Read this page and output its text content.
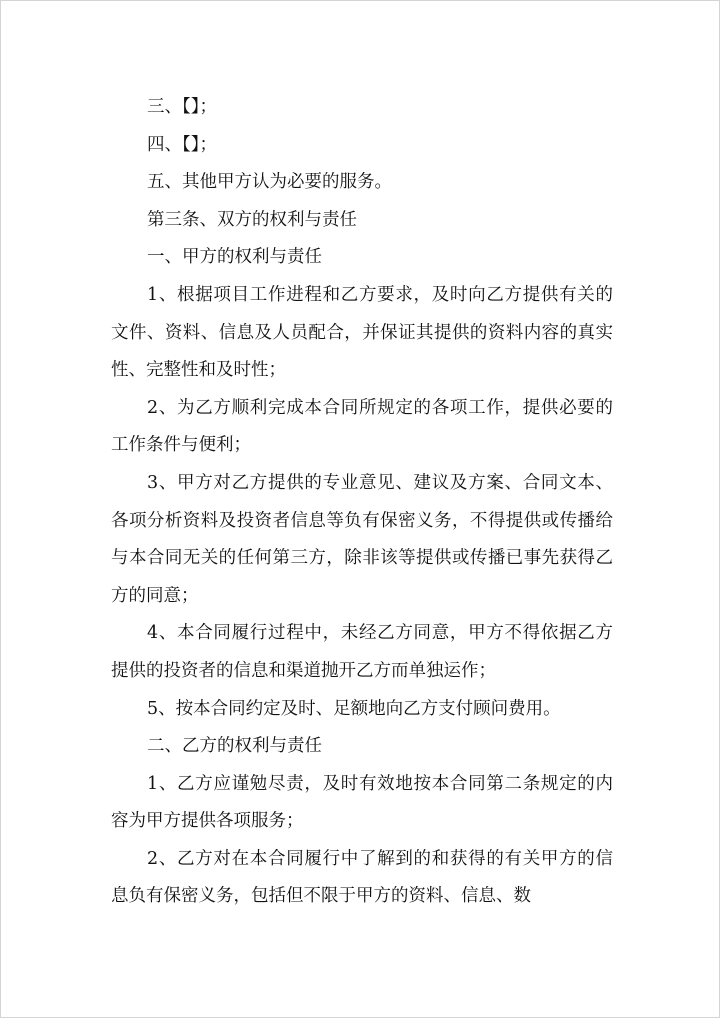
三、【】；

四、【】；

五、其他甲方认为必要的服务。

第三条、双方的权利与责任

一、甲方的权利与责任

1、根据项目工作进程和乙方要求，及时向乙方提供有关的文件、资料、信息及人员配合，并保证其提供的资料内容的真实性、完整性和及时性；

2、为乙方顺利完成本合同所规定的各项工作，提供必要的工作条件与便利；

3、甲方对乙方提供的专业意见、建议及方案、合同文本、各项分析资料及投资者信息等负有保密义务，不得提供或传播给与本合同无关的任何第三方，除非该等提供或传播已事先获得乙方的同意；

4、本合同履行过程中，未经乙方同意，甲方不得依据乙方提供的投资者的信息和渠道抛开乙方而单独运作；

5、按本合同约定及时、足额地向乙方支付顾问费用。

二、乙方的权利与责任

1、乙方应谨勉尽责，及时有效地按本合同第二条规定的内容为甲方提供各项服务；

2、乙方对在本合同履行中了解到的和获得的有关甲方的信息负有保密义务，包括但不限于甲方的资料、信息、数
